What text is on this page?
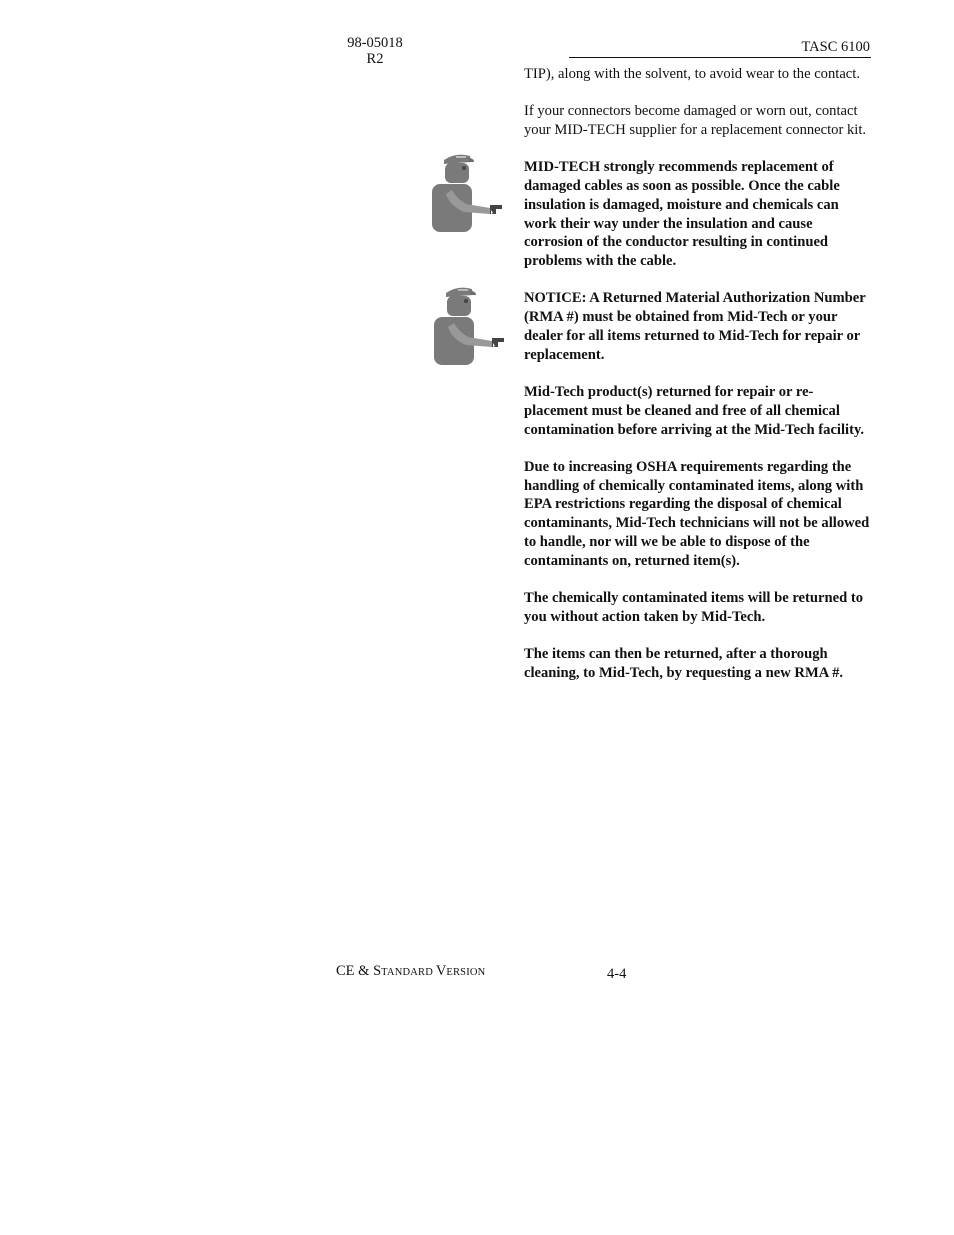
98-05018
R2
TASC 6100

TIP), along with the solvent, to avoid wear to the contact.

If your connectors become damaged or worn out, contact your MID-TECH supplier for a replacement connector kit.

MID-TECH strongly recommends replacement of damaged cables as soon as possible. Once the cable insulation is damaged, moisture and chemicals can work their way under the insulation and cause corrosion of the conductor resulting in continued problems with the cable.

NOTICE: A Returned Material Authorization Number (RMA #) must be obtained from Mid-Tech or your dealer for all items returned to Mid-Tech for repair or replacement.

Mid-Tech product(s) returned for repair or re-placement must be cleaned and free of all chemical contamination before arriving at the Mid-Tech facility.

Due to increasing OSHA requirements regarding the handling of chemically contaminated items, along with EPA restrictions regarding the disposal of chemical contaminants, Mid-Tech technicians will not be allowed to handle, nor will we be able to dispose of the contaminants on, returned item(s).

The chemically contaminated items will be returned to you without action taken by Mid-Tech.

The items can then be returned, after a thorough cleaning, to Mid-Tech, by requesting a new RMA #.

CE & STANDARD VERSION	4-4
